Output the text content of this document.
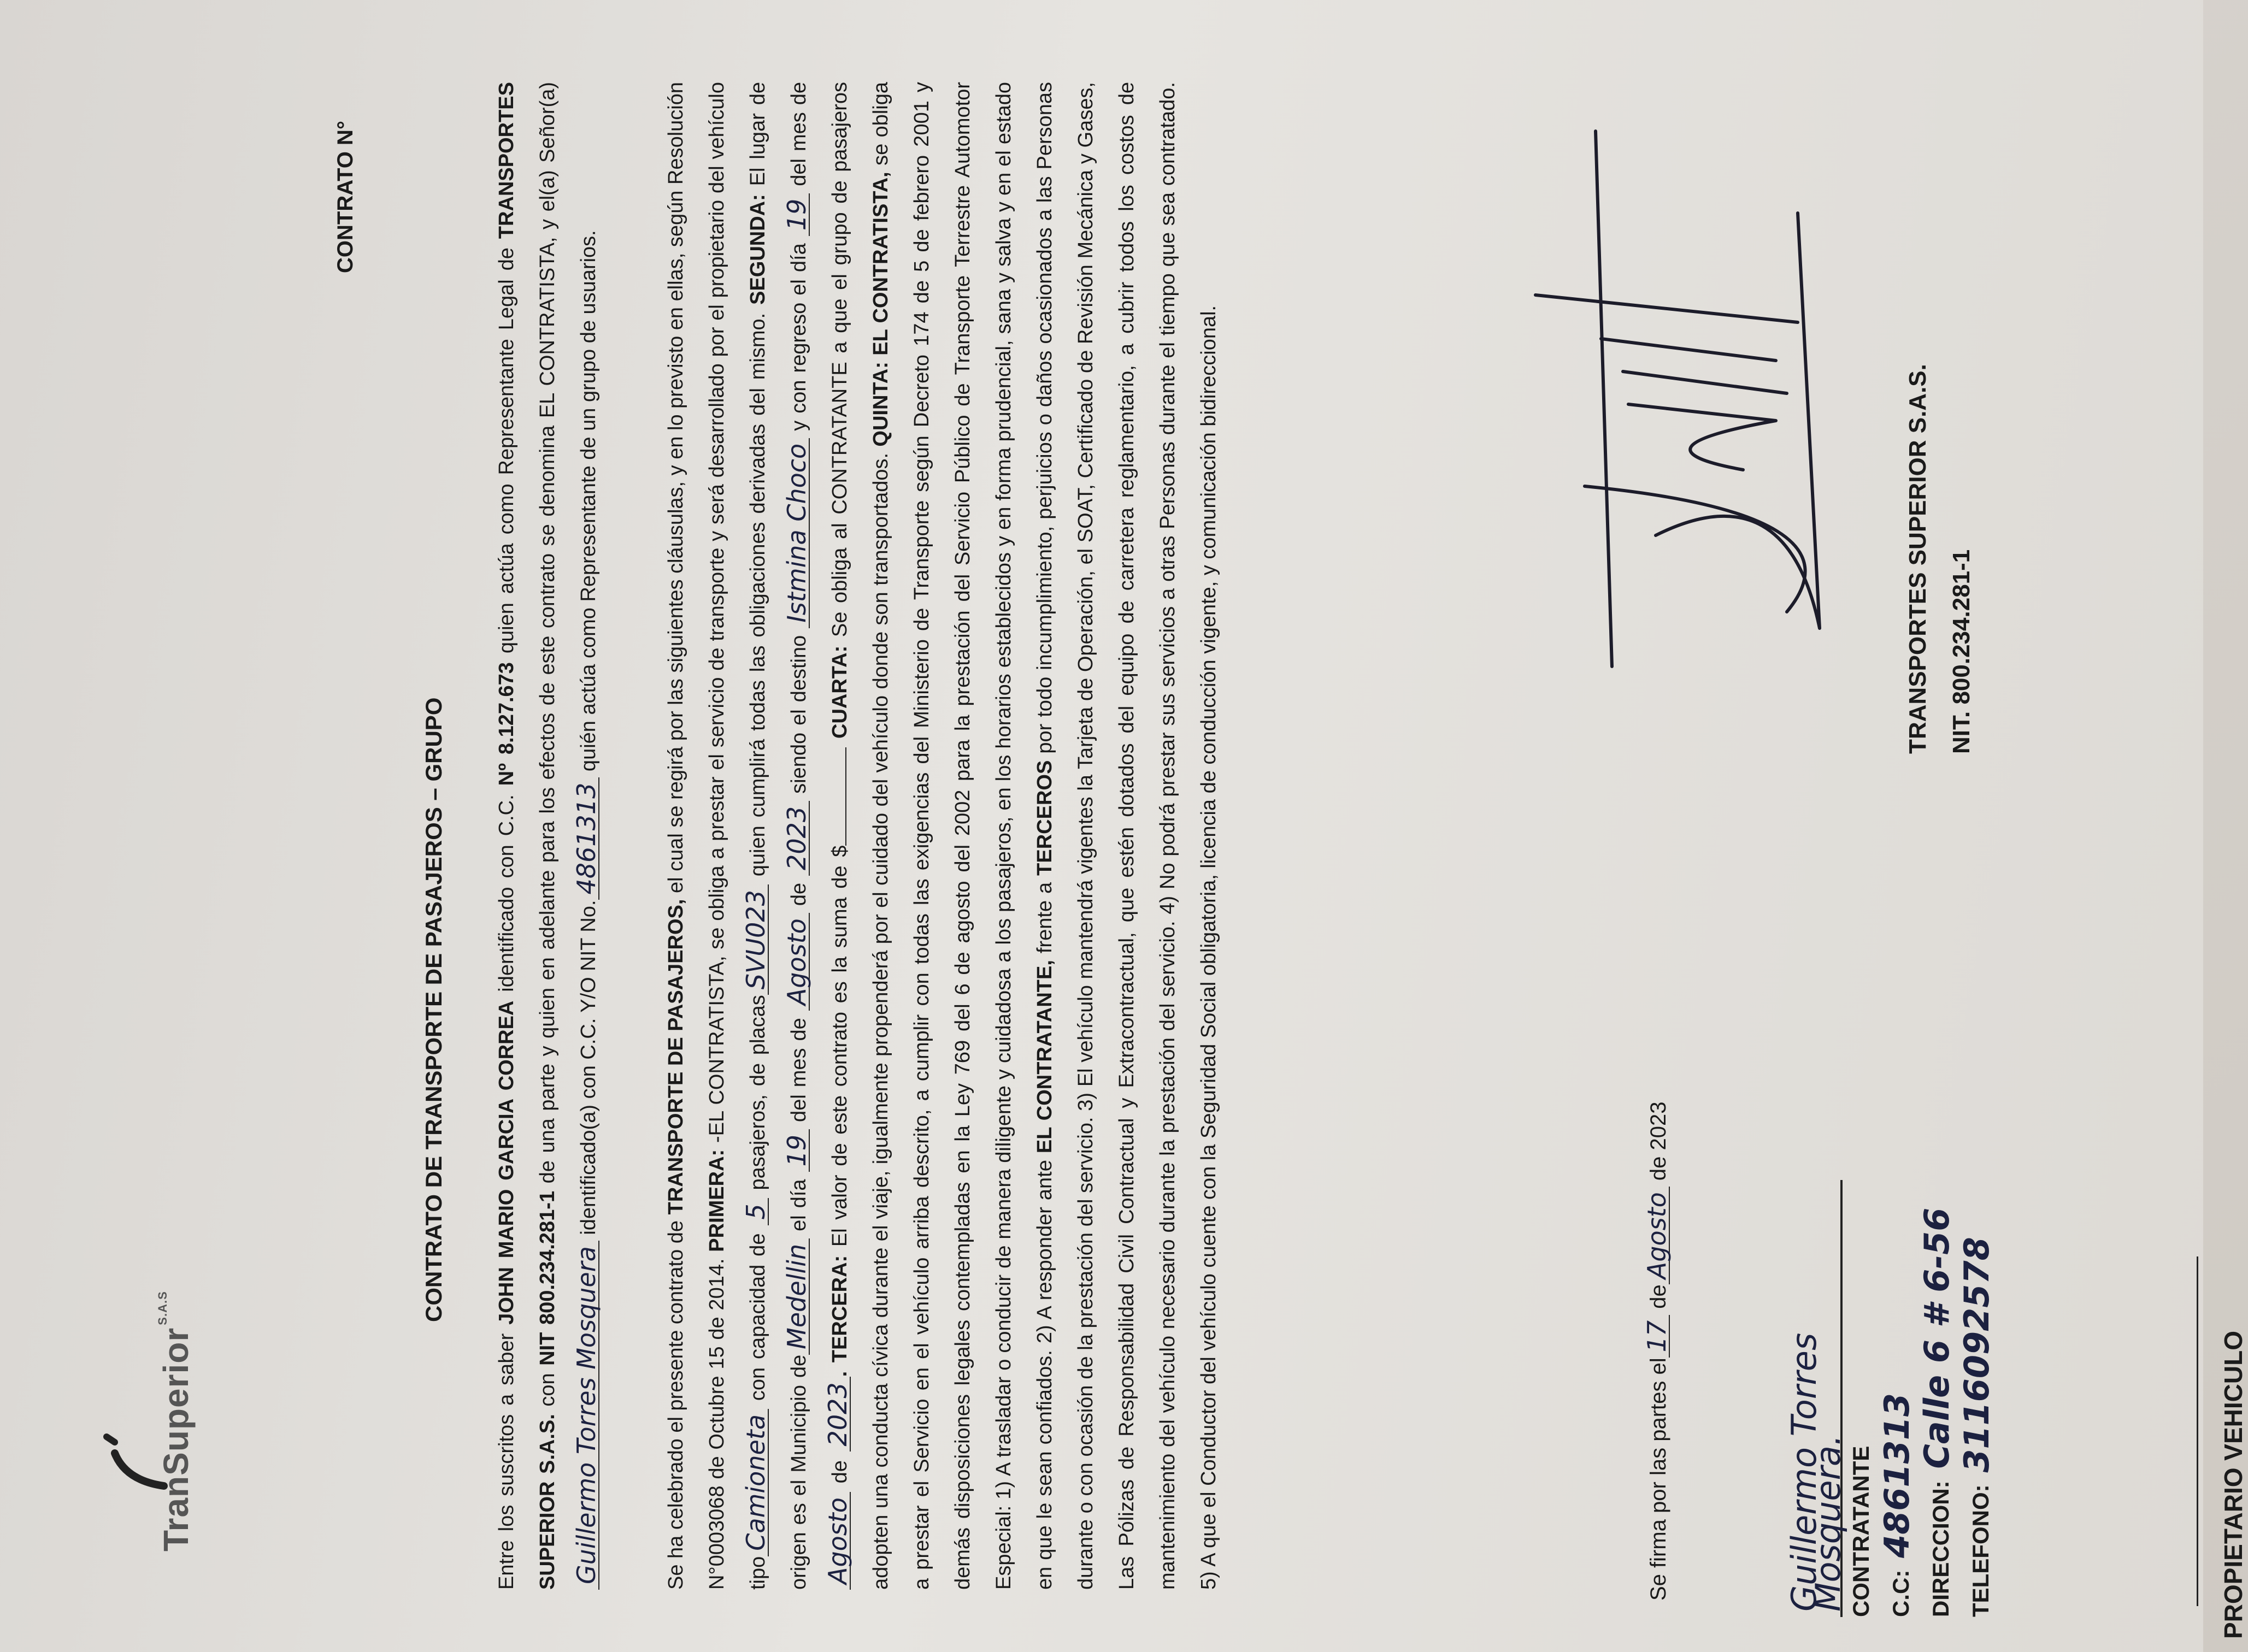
TranSuperior$^{S.A.S}$
CONTRATO N°
CONTRATO DE TRANSPORTE DE PASAJEROS – GRUPO
Entre los suscritos a saber JOHN MARIO GARCIA CORREA identificado con C.C. Nº 8.127.673 quien actúa como Representante Legal de TRANSPORTES SUPERIOR S.A.S. con NIT 800.234.281-1 de una parte y quien en adelante para los efectos de este contrato se denomina EL CONTRATISTA, y el(a) Señor(a) Guillermo Torres Mosquera identificado(a) con C.C. Y/O NIT No.4861313 quién actúa como Representante de un grupo de usuarios.
Se ha celebrado el presente contrato de TRANSPORTE DE PASAJEROS, el cual se regirá por las siguientes cláusulas, y en lo previsto en ellas, según Resolución N°0003068 de Octubre 15 de 2014. PRIMERA: -EL CONTRATISTA, se obliga a prestar el servicio de transporte y será desarrollado por el propietario del vehículo tipoCamioneta con capacidad de 5 pasajeros, de placasSVU023 quien cumplirá todas las obligaciones derivadas del mismo. SEGUNDA: El lugar de origen es el Municipio deMedellin el día 19 del mes de Agosto de 2023 siendo el destino Istmina Choco y con regreso el día 19 del mes de Agosto de 2023. TERCERA: El valor de este contrato es la suma de $ CUARTA: Se obliga al CONTRATANTE a que el grupo de pasajeros adopten una conducta cívica durante el viaje, igualmente propenderá por el cuidado del vehículo donde son transportados. QUINTA: EL CONTRATISTA, se obliga a prestar el Servicio en el vehículo arriba descrito, a cumplir con todas las exigencias del Ministerio de Transporte según Decreto 174 de 5 de febrero 2001 y demás disposiciones legales contempladas en la Ley 769 del 6 de agosto del 2002 para la prestación del Servicio Público de Transporte Terrestre Automotor Especial: 1) A trasladar o conducir de manera diligente y cuidadosa a los pasajeros, en los horarios establecidos y en forma prudencial, sana y salva y en el estado en que le sean confiados. 2) A responder ante EL CONTRATANTE, frente a TERCEROS por todo incumplimiento, perjuicios o daños ocasionados a las Personas durante o con ocasión de la prestación del servicio. 3) El vehículo mantendrá vigentes la Tarjeta de Operación, el SOAT, Certificado de Revisión Mecánica y Gases, Las Pólizas de Responsabilidad Civil Contractual y Extracontractual, que estén dotados del equipo de carretera reglamentario, a cubrir todos los costos de mantenimiento del vehículo necesario durante la prestación del servicio. 4) No podrá prestar sus servicios a otras Personas durante el tiempo que sea contratado. 5) A que el Conductor del vehículo cuente con la Seguridad Social obligatoria, licencia de conducción vigente, y comunicación bidireccional.	Se firma por las partes el17 deAgosto de 2023
Guillermo Torres Mosquera. CONTRATANTE C.C: 4861313 DIRECCION: Calle 6 # 6-56
TELEFONO: 3116092578
TRANSPORTES SUPERIOR S.A.S. NIT. 800.234.281-1
PROPIETARIO VEHICULO
